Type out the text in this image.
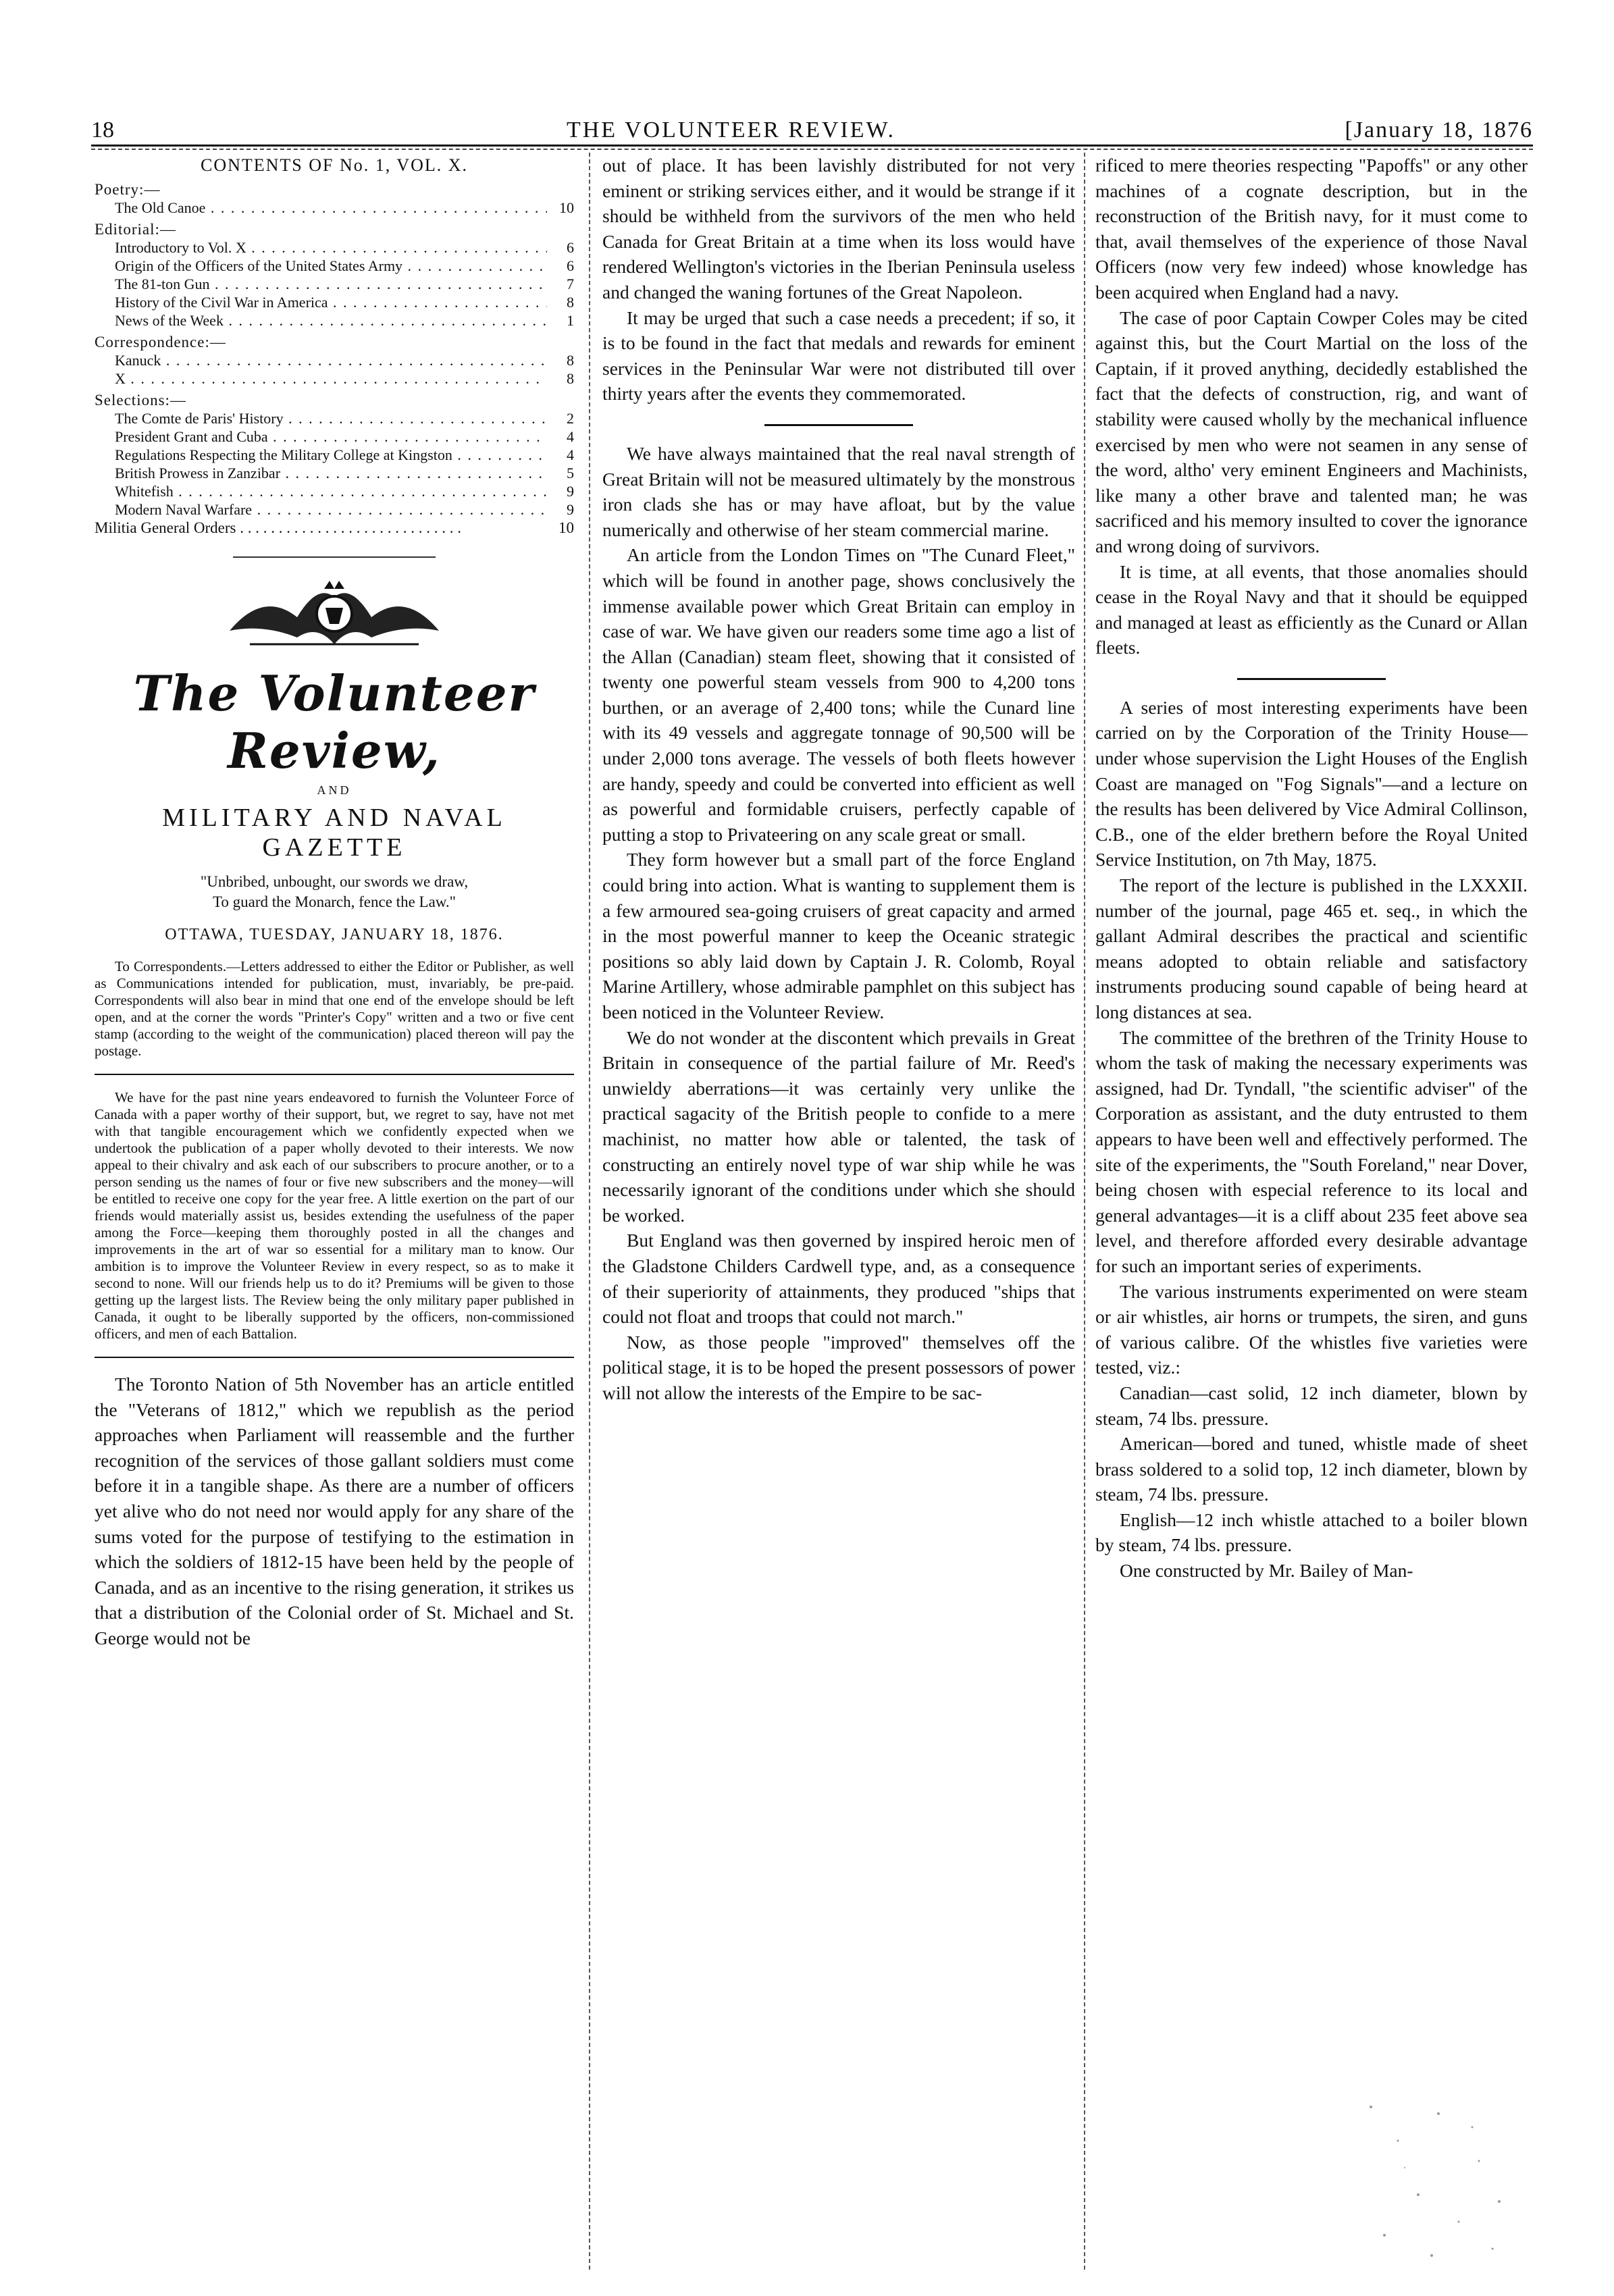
18	THE VOLUNTEER REVIEW.	[January 18, 1876
CONTENTS OF No. 1, VOL. X.
Poetry:—
The Old Canoe . . .	10
Editorial:—
Introductory to Vol. X . . .	6
Origin of the Officers of the United States Army . . .	6
The 81-ton Gun . . .	7
History of the Civil War in America . . .	8
News of the Week . . .	1
Correspondence:—
Kanuck . . .	8
X . . .	8
Selections:—
The Comte de Paris' History . . .	2
President Grant and Cuba . . .	4
Regulations Respecting the Military College at Kingston . . .	4
British Prowess in Zanzibar . . .	5
Whitefish . . .	9
Modern Naval Warfare . . .	9
Militia General Orders . . .	10
The Volunteer Review,
AND
MILITARY AND NAVAL GAZETTE
"Unbribed, unbought, our swords we draw,
To guard the Monarch, fence the Law."
OTTAWA, TUESDAY, JANUARY 18, 1876.

To Correspondents.—Letters addressed to either the Editor or Publisher, as well as Communications intended for publication, must, invariably, be pre-paid. Correspondents will also bear in mind that one end of the envelope should be left open, and at the corner the words "Printer's Copy" written and a two or five cent stamp (according to the weight of the communication) placed thereon will pay the postage.

We have for the past nine years endeavored to furnish the Volunteer Force of Canada with a paper worthy of their support, but, we regret to say, have not met with that tangible encouragement which we confidently expected when we undertook the publication of a paper wholly devoted to their interests. We now appeal to their chivalry and ask each of our subscribers to procure another, or to a person sending us the names of four or five new subscribers and the money—will be entitled to receive one copy for the year free. A little exertion on the part of our friends would materially assist us, besides extending the usefulness of the paper among the Force—keeping them thoroughly posted in all the changes and improvements in the art of war so essential for a military man to know. Our ambition is to improve the Volunteer Review in every respect, so as to make it second to none. Will our friends help us to do it? Premiums will be given to those getting up the largest lists. The Review being the only military paper published in Canada, it ought to be liberally supported by the officers, non-commissioned officers, and men of each Battalion.

The Toronto Nation of 5th November has an article entitled the "Veterans of 1812," which we republish as the period approaches when Parliament will reassemble and the further recognition of the services of those gallant soldiers must come before it in a tangible shape. As there are a number of officers yet alive who do not need nor would apply for any share of the sums voted for the purpose of testifying to the estimation in which the soldiers of 1812-15 have been held by the people of Canada, and as an incentive to the rising generation, it strikes us that a distribution of the Colonial order of St. Michael and St. George would not be

out of place. It has been lavishly distributed for not very eminent or striking services either, and it would be strange if it should be withheld from the survivors of the men who held Canada for Great Britain at a time when its loss would have rendered Wellington's victories in the Iberian Peninsula useless and changed the waning fortunes of the Great Napoleon.

It may be urged that such a case needs a precedent; if so, it is to be found in the fact that medals and rewards for eminent services in the Peninsular War were not distributed till over thirty years after the events they commemorated.

We have always maintained that the real naval strength of Great Britain will not be measured ultimately by the monstrous iron clads she has or may have afloat, but by the value numerically and otherwise of her steam commercial marine.

An article from the London Times on "The Cunard Fleet," which will be found in another page, shows conclusively the immense available power which Great Britain can employ in case of war. We have given our readers some time ago a list of the Allan (Canadian) steam fleet, showing that it consisted of twenty one powerful steam vessels from 900 to 4,200 tons burthen, or an average of 2,400 tons; while the Cunard line with its 49 vessels and aggregate tonnage of 90,500 will be under 2,000 tons average. The vessels of both fleets however are handy, speedy and could be converted into efficient as well as powerful and formidable cruisers, perfectly capable of putting a stop to Privateering on any scale great or small.

They form however but a small part of the force England could bring into action. What is wanting to supplement them is a few armoured sea-going cruisers of great capacity and armed in the most powerful manner to keep the Oceanic strategic positions so ably laid down by Captain J. R. Colomb, Royal Marine Artillery, whose admirable pamphlet on this subject has been noticed in the Volunteer Review.

We do not wonder at the discontent which prevails in Great Britain in consequence of the partial failure of Mr. Reed's unwieldy aberrations—it was certainly very unlike the practical sagacity of the British people to confide to a mere machinist, no matter how able or talented, the task of constructing an entirely novel type of war ship while he was necessarily ignorant of the conditions under which she should be worked.

But England was then governed by inspired heroic men of the Gladstone Childers Cardwell type, and, as a consequence of their superiority of attainments, they produced "ships that could not float and troops that could not march."

Now, as those people "improved" themselves off the political stage, it is to be hoped the present possessors of power will not allow the interests of the Empire to be sac-

rificed to mere theories respecting "Papoffs" or any other machines of a cognate description, but in the reconstruction of the British navy, for it must come to that, avail themselves of the experience of those Naval Officers (now very few indeed) whose knowledge has been acquired when England had a navy.

The case of poor Captain Cowper Coles may be cited against this, but the Court Martial on the loss of the Captain, if it proved anything, decidedly established the fact that the defects of construction, rig, and want of stability were caused wholly by the mechanical influence exercised by men who were not seamen in any sense of the word, altho' very eminent Engineers and Machinists, like many a other brave and talented man; he was sacrificed and his memory insulted to cover the ignorance and wrong doing of survivors.

It is time, at all events, that those anomalies should cease in the Royal Navy and that it should be equipped and managed at least as efficiently as the Cunard or Allan fleets.

A series of most interesting experiments have been carried on by the Corporation of the Trinity House—under whose supervision the Light Houses of the English Coast are managed on "Fog Signals"—and a lecture on the results has been delivered by Vice Admiral Collinson, C.B., one of the elder brethern before the Royal United Service Institution, on 7th May, 1875.

The report of the lecture is published in the LXXXII. number of the journal, page 465 et. seq., in which the gallant Admiral describes the practical and scientific means adopted to obtain reliable and satisfactory instruments producing sound capable of being heard at long distances at sea.

The committee of the brethren of the Trinity House to whom the task of making the necessary experiments was assigned, had Dr. Tyndall, "the scientific adviser" of the Corporation as assistant, and the duty entrusted to them appears to have been well and effectively performed. The site of the experiments, the "South Foreland," near Dover, being chosen with especial reference to its local and general advantages—it is a cliff about 235 feet above sea level, and therefore afforded every desirable advantage for such an important series of experiments.

The various instruments experimented on were steam or air whistles, air horns or trumpets, the siren, and guns of various calibre. Of the whistles five varieties were tested, viz.:

Canadian—cast solid, 12 inch diameter, blown by steam, 74 lbs. pressure.

American—bored and tuned, whistle made of sheet brass soldered to a solid top, 12 inch diameter, blown by steam, 74 lbs. pressure.

English—12 inch whistle attached to a boiler blown by steam, 74 lbs. pressure.

One constructed by Mr. Bailey of Man-
